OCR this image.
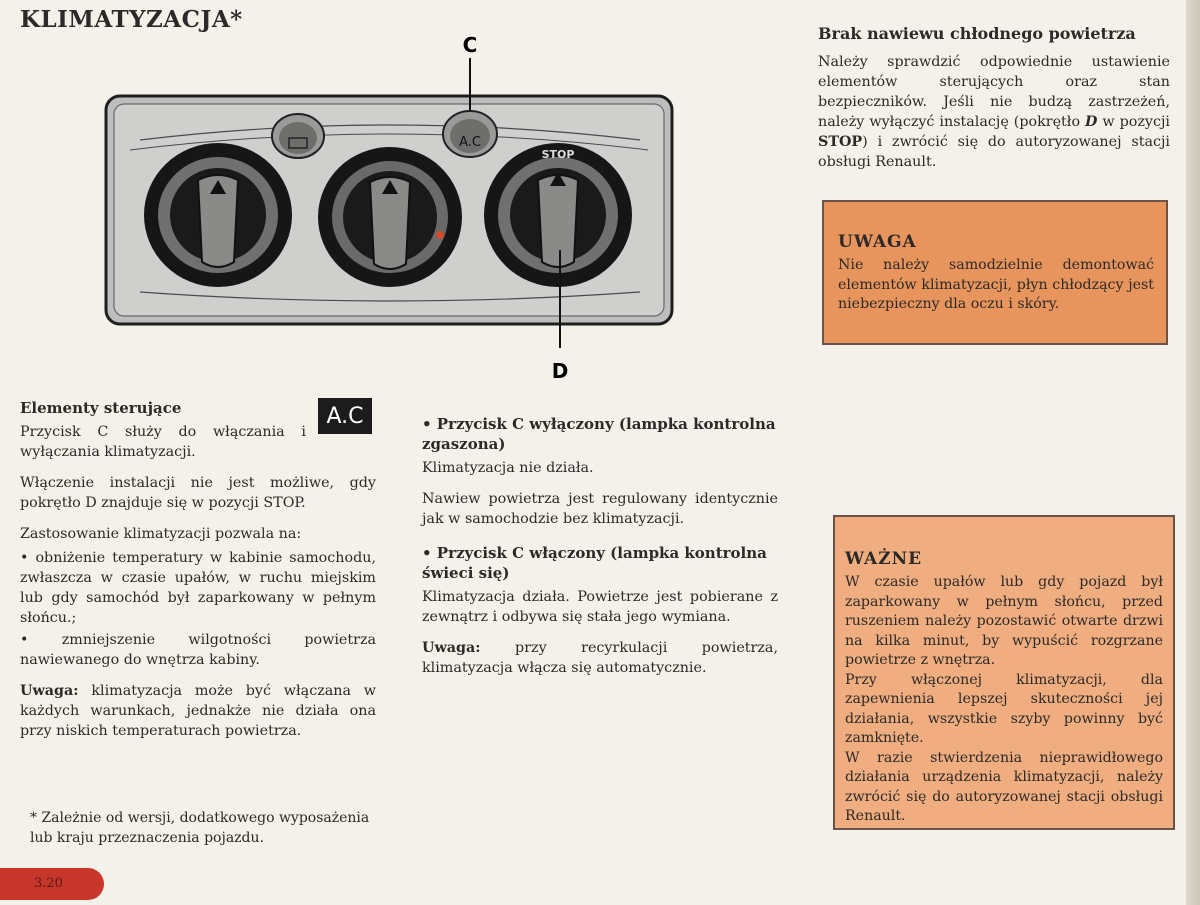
KLIMATYZACJA*
A.C
STOP
C
D
Elementy sterujące

Przycisk C służy do włączania i wyłączania klimatyzacji.

Włączenie instalacji nie jest możliwe, gdy pokrętło D znajduje się w pozycji STOP.

Zastosowanie klimatyzacji pozwala na:

• obniżenie temperatury w kabinie samochodu, zwłaszcza w czasie upałów, w ruchu miejskim lub gdy samochód był zaparkowany w pełnym słońcu.;

• zmniejszenie wilgotności powietrza nawiewanego do wnętrza kabiny.

Uwaga: klimatyzacja może być włączana w każdych warunkach, jednakże nie działa ona przy niskich temperaturach powietrza.

A.C
* Zależnie od wersji, dodatkowego wyposażenia lub kraju przeznaczenia pojazdu.
• Przycisk C wyłączony (lampka kontrolna zgaszona)

Klimatyzacja nie działa.

Nawiew powietrza jest regulowany identycznie jak w samochodzie bez klimatyzacji.

• Przycisk C włączony (lampka kontrolna świeci się)

Klimatyzacja działa. Powietrze jest pobierane z zewnątrz i odbywa się stała jego wymiana.

Uwaga: przy recyrkulacji powietrza, klimatyzacja włącza się automatycznie.

Brak nawiewu chłodnego powietrza

Należy sprawdzić odpowiednie ustawienie elementów sterujących oraz stan bezpieczników. Jeśli nie budzą zastrzeżeń, należy wyłączyć instalację (pokrętło D w pozycji STOP) i zwrócić się do autoryzowanej stacji obsługi Renault.

UWAGA

Nie należy samodzielnie demontować elementów klimatyzacji, płyn chłodzący jest niebezpieczny dla oczu i skóry.

WAŻNE

W czasie upałów lub gdy pojazd był zaparkowany w pełnym słońcu, przed ruszeniem należy pozostawić otwarte drzwi na kilka minut, by wypuścić rozgrzane powietrze z wnętrza.

Przy włączonej klimatyzacji, dla zapewnienia lepszej skuteczności jej działania, wszystkie szyby powinny być zamknięte.

W razie stwierdzenia nieprawidłowego działania urządzenia klimatyzacji, należy zwrócić się do autoryzowanej stacji obsługi Renault.

3.20
